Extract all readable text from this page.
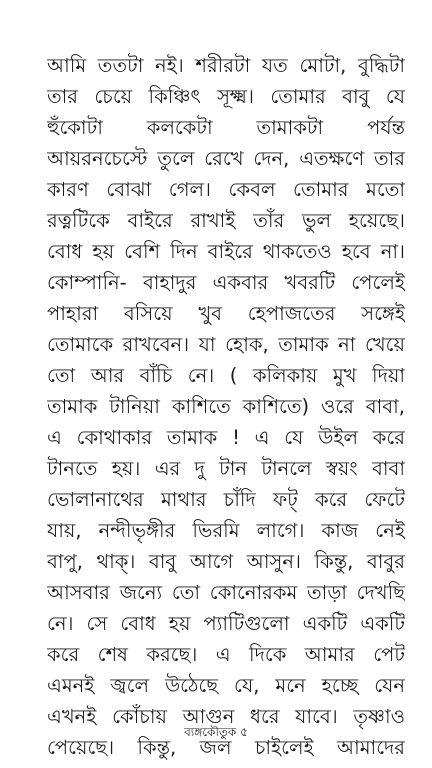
আমি ততটা নই। শরীরটা যত মোটা, বুদ্ধিটা
তার চেয়ে কিঞ্চিৎ সূক্ষ্ম। তোমার বাবু যে
হুঁকোটা কলকেটা তামাকটা পর্যন্ত
আয়রনচেস্টে তুলে রেখে দেন, এতক্ষণে তার
কারণ বোঝা গেল। কেবল তোমার মতো
রত্নটিকে বাইরে রাখাই তাঁর ভুল হয়েছে।
বোধ হয় বেশি দিন বাইরে থাকতেও হবে না।
কোম্পানি- বাহাদুর একবার খবরটি পেলেই
পাহারা বসিয়ে খুব হেপাজতের সঙ্গেই
তোমাকে রাখবেন। যা হোক, তামাক না খেয়ে
তো আর বাঁচি নে। ( কলিকায় মুখ দিয়া
তামাক টানিয়া কাশিতে কাশিতে) ওরে বাবা,
এ কোথাকার তামাক ! এ যে উইল করে
টানতে হয়। এর দু টান টানলে স্বয়ং বাবা
ভোলানাথের মাথার চাঁদি ফট্ করে ফেটে
যায়, নন্দীভৃঙ্গীর ভিরমি লাগে। কাজ নেই
বাপু, থাক্। বাবু আগে আসুন। কিন্তু, বাবুর
আসবার জন্যে তো কোনোরকম তাড়া দেখছি
নে। সে বোধ হয় প্যাটিগুলো একটি একটি
করে শেষ করছে। এ দিকে আমার পেট
এমনই জ্বলে উঠেছে যে, মনে হচ্ছে যেন
এখনই কোঁচায় আগুন ধরে যাবে। তৃষ্ণাও
পেয়েছে। কিন্তু, জল চাইলেই আমাদের
ব্যঙ্গকৌতুক ৫
